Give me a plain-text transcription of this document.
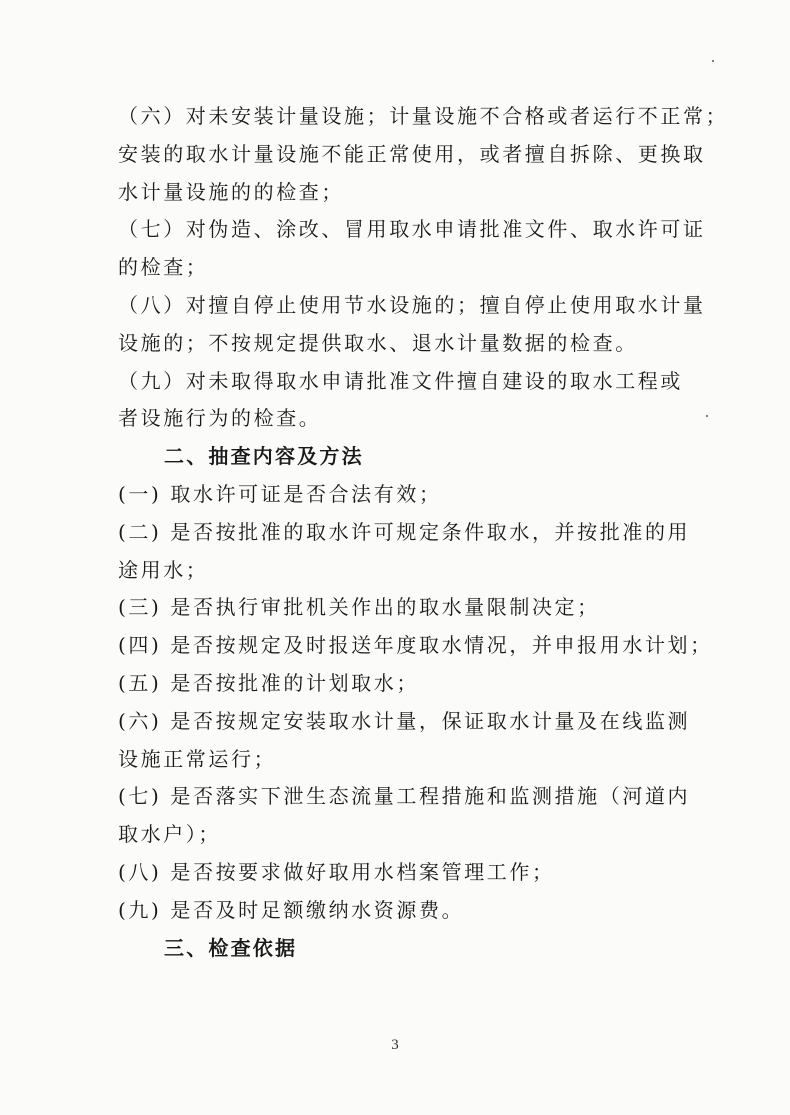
（六）对未安装计量设施；计量设施不合格或者运行不正常；

安装的取水计量设施不能正常使用，或者擅自拆除、更换取

水计量设施的的检查；

（七）对伪造、涂改、冒用取水申请批准文件、取水许可证

的检查；

（八）对擅自停止使用节水设施的；擅自停止使用取水计量

设施的；不按规定提供取水、退水计量数据的检查。

（九）对未取得取水申请批准文件擅自建设的取水工程或

者设施行为的检查。

二、抽查内容及方法

(一) 取水许可证是否合法有效；

(二) 是否按批准的取水许可规定条件取水，并按批准的用

途用水；

(三) 是否执行审批机关作出的取水量限制决定；

(四) 是否按规定及时报送年度取水情况，并申报用水计划；

(五) 是否按批准的计划取水；

(六) 是否按规定安装取水计量，保证取水计量及在线监测

设施正常运行；

(七) 是否落实下泄生态流量工程措施和监测措施（河道内

取水户）；

(八) 是否按要求做好取用水档案管理工作；

(九) 是否及时足额缴纳水资源费。

三、检查依据
3
